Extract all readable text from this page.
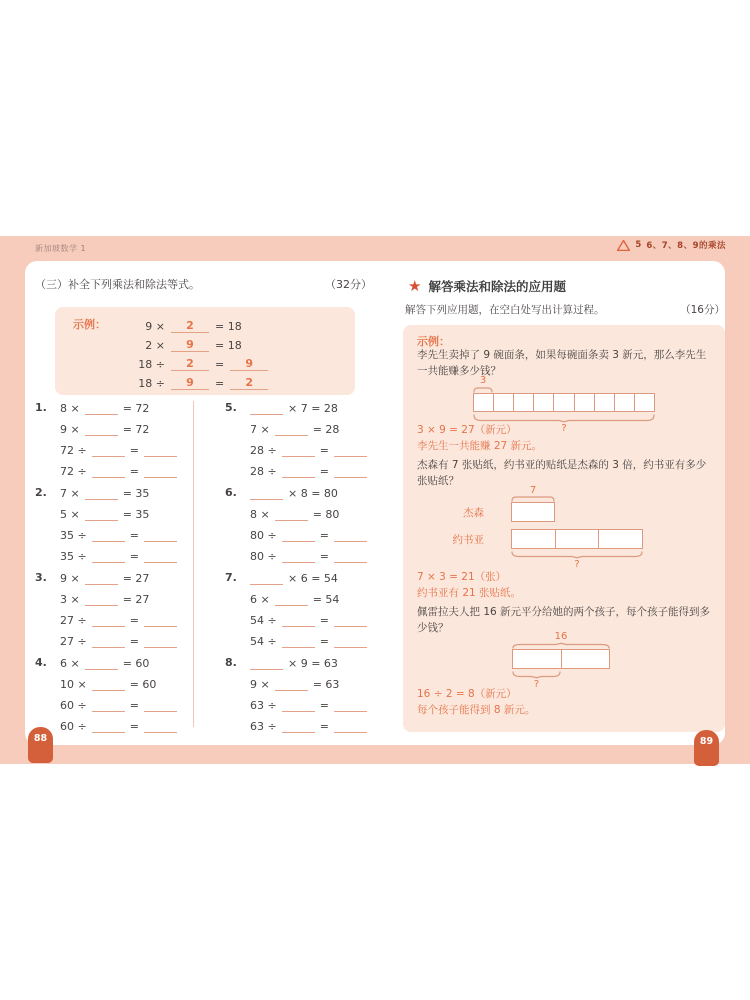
新加坡数学 1	5 6、7、8、9的乘法
（三）补全下列乘法和除法等式。	（32分）
示例：	9 ×	2	= 18
2 ×	9	= 18
18 ÷	2	=	9
18 ÷	9	=	2
1.	8 ×	= 72
9 ×	= 72
72 ÷	=
72 ÷	=
2.	7 ×	= 35
5 ×	= 35
35 ÷	=
35 ÷	=
3.	9 ×	= 27
3 ×	= 27
27 ÷	=
27 ÷	=
4.	6 ×	= 60
10 ×	= 60
60 ÷	=
60 ÷	=
5.	× 7 = 28
7 ×	= 28
28 ÷	=
28 ÷	=
6.	× 8 = 80
8 ×	= 80
80 ÷	=
80 ÷	=
7.	× 6 = 54
6 ×	= 54
54 ÷	=
54 ÷	=
8.	× 9 = 63
9 ×	= 63
63 ÷	=
63 ÷	=
★ 解答乘法和除法的应用题
解答下列应用题，在空白处写出计算过程。	（16分）
示例：
李先生卖掉了 9 碗面条，如果每碗面条卖 3 新元，那么李先生一共能赚多少钱？
3
?
3 × 9 = 27（新元）
李先生一共能赚 27 新元。
杰森有 7 张贴纸，约书亚的贴纸是杰森的 3 倍，约书亚有多少张贴纸？
7
杰森
约书亚
?
7 × 3 = 21（张）
约书亚有 21 张贴纸。
佩雷拉夫人把 16 新元平分给她的两个孩子，每个孩子能得到多少钱？
16
?
16 ÷ 2 = 8（新元）
每个孩子能得到 8 新元。
88	89
